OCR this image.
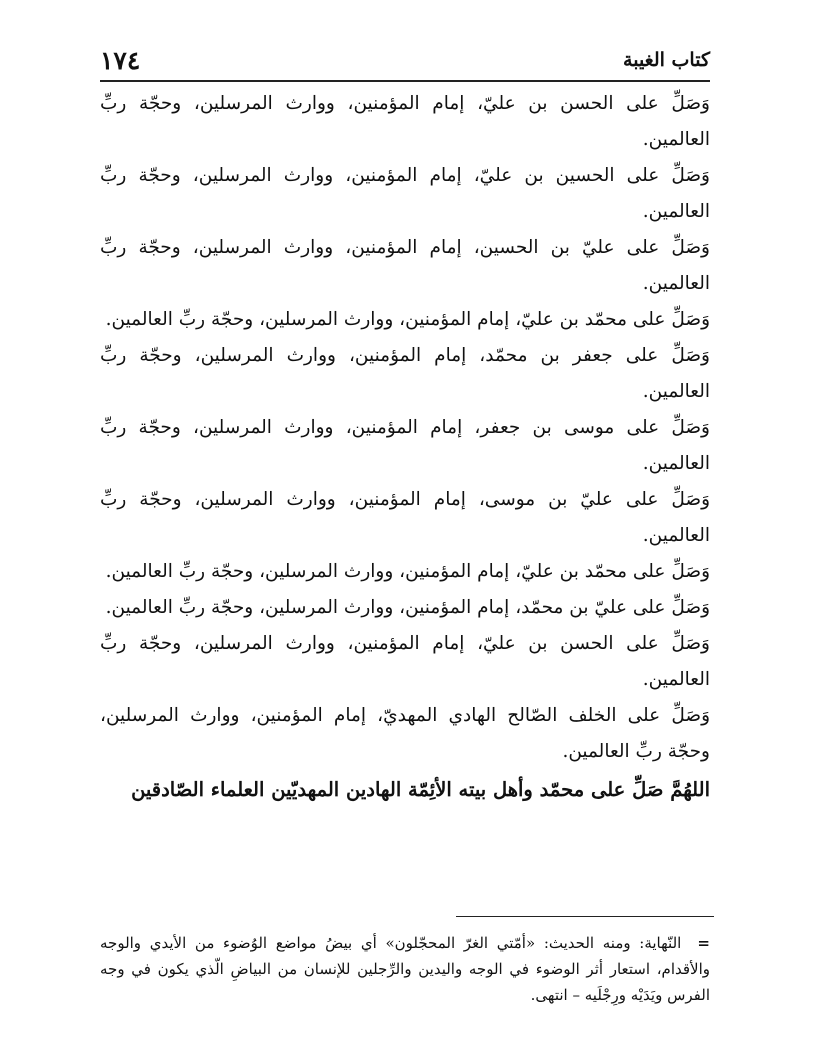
١٧٤	كتاب الغيبة

وَصَلِّ على الحسن بن عليّ، إمام المؤمنين، ووارث المرسلين، وحجّة ربِّ العالمين.

وَصَلِّ على الحسين بن عليّ، إمام المؤمنين، ووارث المرسلين، وحجّة ربِّ العالمين.

وَصَلِّ على عليّ بن الحسين، إمام المؤمنين، ووارث المرسلين، وحجّة ربِّ العالمين.

وَصَلِّ على محمّد بن عليّ، إمام المؤمنين، ووارث المرسلين، وحجّة ربِّ العالمين.

وَصَلِّ على جعفر بن محمّد، إمام المؤمنين، ووارث المرسلين، وحجّة ربِّ العالمين.

وَصَلِّ على موسى بن جعفر، إمام المؤمنين، ووارث المرسلين، وحجّة ربِّ العالمين.

وَصَلِّ على عليّ بن موسى، إمام المؤمنين، ووارث المرسلين، وحجّة ربِّ العالمين.

وَصَلِّ على محمّد بن عليّ، إمام المؤمنين، ووارث المرسلين، وحجّة ربِّ العالمين.

وَصَلِّ على عليّ بن محمّد، إمام المؤمنين، ووارث المرسلين، وحجّة ربِّ العالمين.

وَصَلِّ على الحسن بن عليّ، إمام المؤمنين، ووارث المرسلين، وحجّة ربِّ العالمين.

وَصَلِّ على الخلف الصّالح الهادي المهديّ، إمام المؤمنين، ووارث المرسلين، وحجّة ربِّ العالمين.

اللهُمَّ صَلِّ على محمّد وأهل بيته الأئِمّة الهادين المهديّين العلماء الصّادقين

= النّهاية: ومنه الحديث: «أمّتي الغرّ المحجّلون» أي بيضُ مواضع الوُضوء من الأيدي والوجه والأقدام، استعار أثر الوضوء في الوجه واليدين والرِّجلين للإنسان من البياضِ الّذي يكون في وجه الفرس ويَدَيْه ورِجْلَيه – انتهى.
